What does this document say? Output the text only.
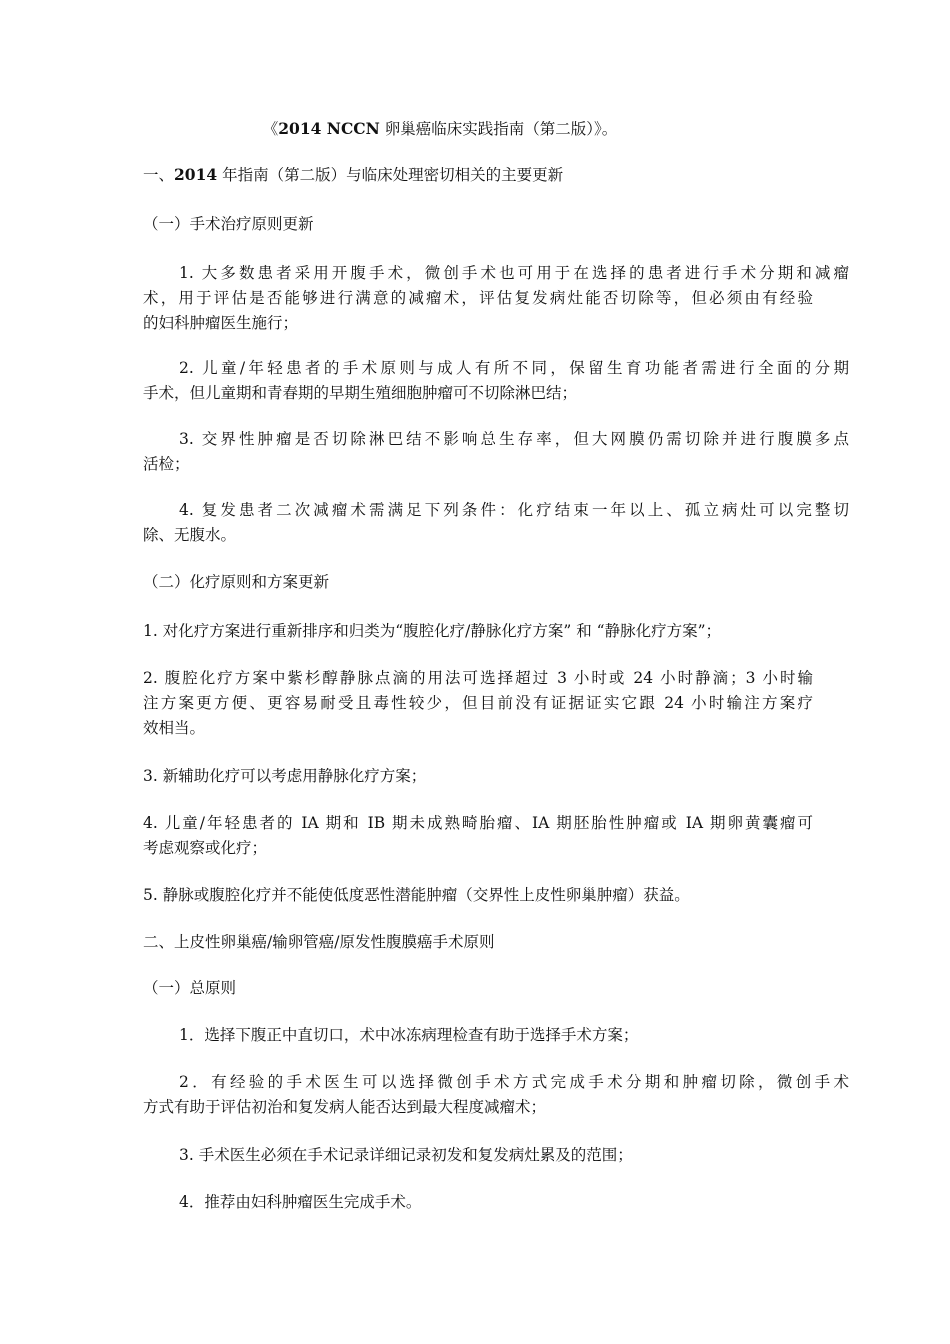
《2014 NCCN 卵巢癌临床实践指南（第二版）》。

一、2014 年指南（第二版）与临床处理密切相关的主要更新

（一）手术治疗原则更新

1. 大多数患者采用开腹手术，微创手术也可用于在选择的患者进行手术分期和减瘤

术，用于评估是否能够进行满意的减瘤术，评估复发病灶能否切除等，但必须由有经验

的妇科肿瘤医生施行；

2. 儿童/年轻患者的手术原则与成人有所不同，保留生育功能者需进行全面的分期

手术，但儿童期和青春期的早期生殖细胞肿瘤可不切除淋巴结；

3. 交界性肿瘤是否切除淋巴结不影响总生存率，但大网膜仍需切除并进行腹膜多点

活检；

4. 复发患者二次减瘤术需满足下列条件：化疗结束一年以上、孤立病灶可以完整切

除、无腹水。

（二）化疗原则和方案更新

1. 对化疗方案进行重新排序和归类为“腹腔化疗/静脉化疗方案” 和 “静脉化疗方案”；

2. 腹腔化疗方案中紫杉醇静脉点滴的用法可选择超过 3 小时或 24 小时静滴；3 小时输

注方案更方便、更容易耐受且毒性较少，但目前没有证据证实它跟 24 小时输注方案疗

效相当。

3. 新辅助化疗可以考虑用静脉化疗方案；

4. 儿童/年轻患者的 IA 期和 IB 期未成熟畸胎瘤、IA 期胚胎性肿瘤或 IA 期卵黄囊瘤可

考虑观察或化疗；

5. 静脉或腹腔化疗并不能使低度恶性潜能肿瘤（交界性上皮性卵巢肿瘤）获益。

二、上皮性卵巢癌/输卵管癌/原发性腹膜癌手术原则

（一）总原则

1．选择下腹正中直切口，术中冰冻病理检查有助于选择手术方案；

2．有经验的手术医生可以选择微创手术方式完成手术分期和肿瘤切除，微创手术

方式有助于评估初治和复发病人能否达到最大程度减瘤术；

3. 手术医生必须在手术记录详细记录初发和复发病灶累及的范围；

4．推荐由妇科肿瘤医生完成手术。
